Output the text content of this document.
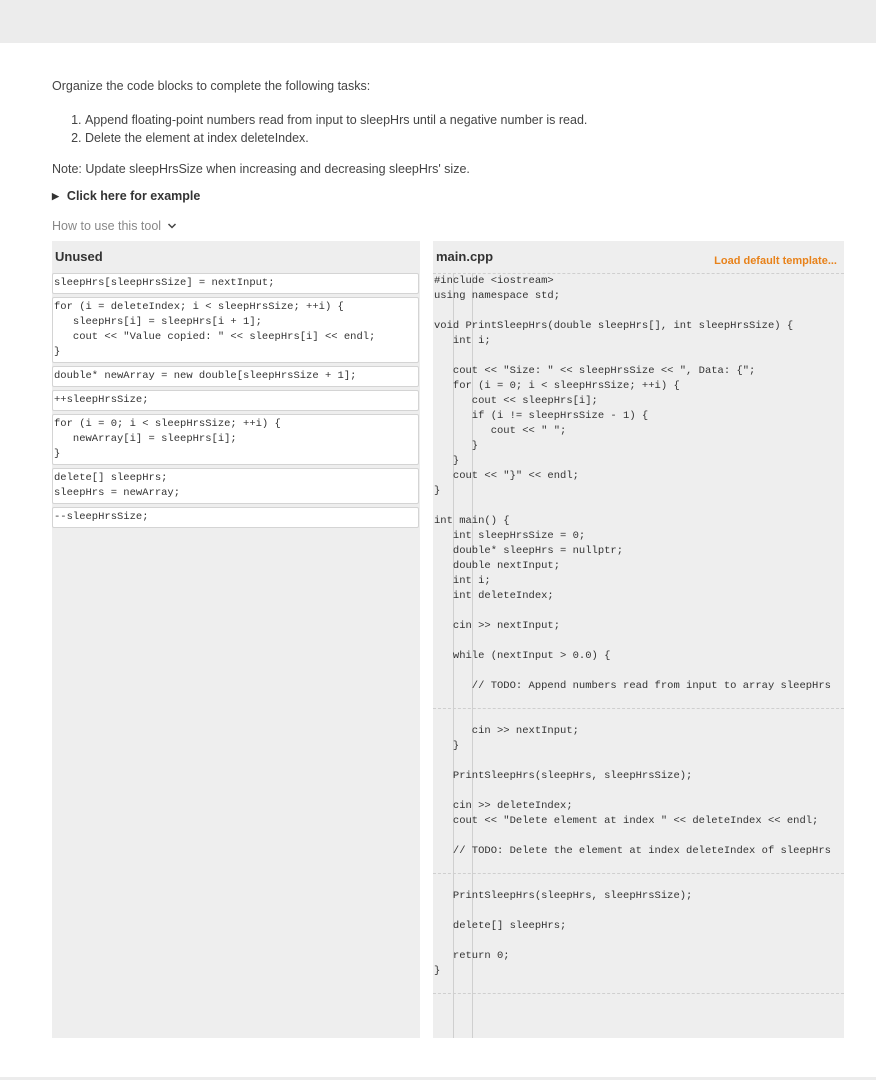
Organize the code blocks to complete the following tasks:

1. Append floating-point numbers read from input to sleepHrs until a negative number is read.
2. Delete the element at index deleteIndex.
Note: Update sleepHrsSize when increasing and decreasing sleepHrs' size.
▶ Click here for example
How to use this tool
Unused
sleepHrs[sleepHrsSize] = nextInput;
for (i = deleteIndex; i < sleepHrsSize; ++i) {
sleepHrs[i] = sleepHrs[i + 1];
cout << "Value copied: " << sleepHrs[i] << endl;
}
double* newArray = new double[sleepHrsSize + 1];
++sleepHrsSize;
for (i = 0; i < sleepHrsSize; ++i) {
newArray[i] = sleepHrs[i];
}
delete[] sleepHrs;
sleepHrs = newArray;
--sleepHrsSize;
main.cpp	Load default template...
#include <iostream>
using namespace std;

void PrintSleepHrs(double sleepHrs[], int sleepHrsSize) {
int i;

cout << "Size: " << sleepHrsSize << ", Data: {";
for (i = 0; i < sleepHrsSize; ++i) {
cout << sleepHrs[i];
if (i != sleepHrsSize - 1) {
cout << " ";
}
}
cout << "}" << endl;
}

int main() {
int sleepHrsSize = 0;
double* sleepHrs = nullptr;
double nextInput;
int i;
int deleteIndex;

cin >> nextInput;

while (nextInput > 0.0) {

// TODO: Append numbers read from input to array sleepHrs

cin >> nextInput;
}

PrintSleepHrs(sleepHrs, sleepHrsSize);

cin >> deleteIndex;
cout << "Delete element at index " << deleteIndex << endl;

// TODO: Delete the element at index deleteIndex of sleepHrs

PrintSleepHrs(sleepHrs, sleepHrsSize);

delete[] sleepHrs;

return 0;
}
